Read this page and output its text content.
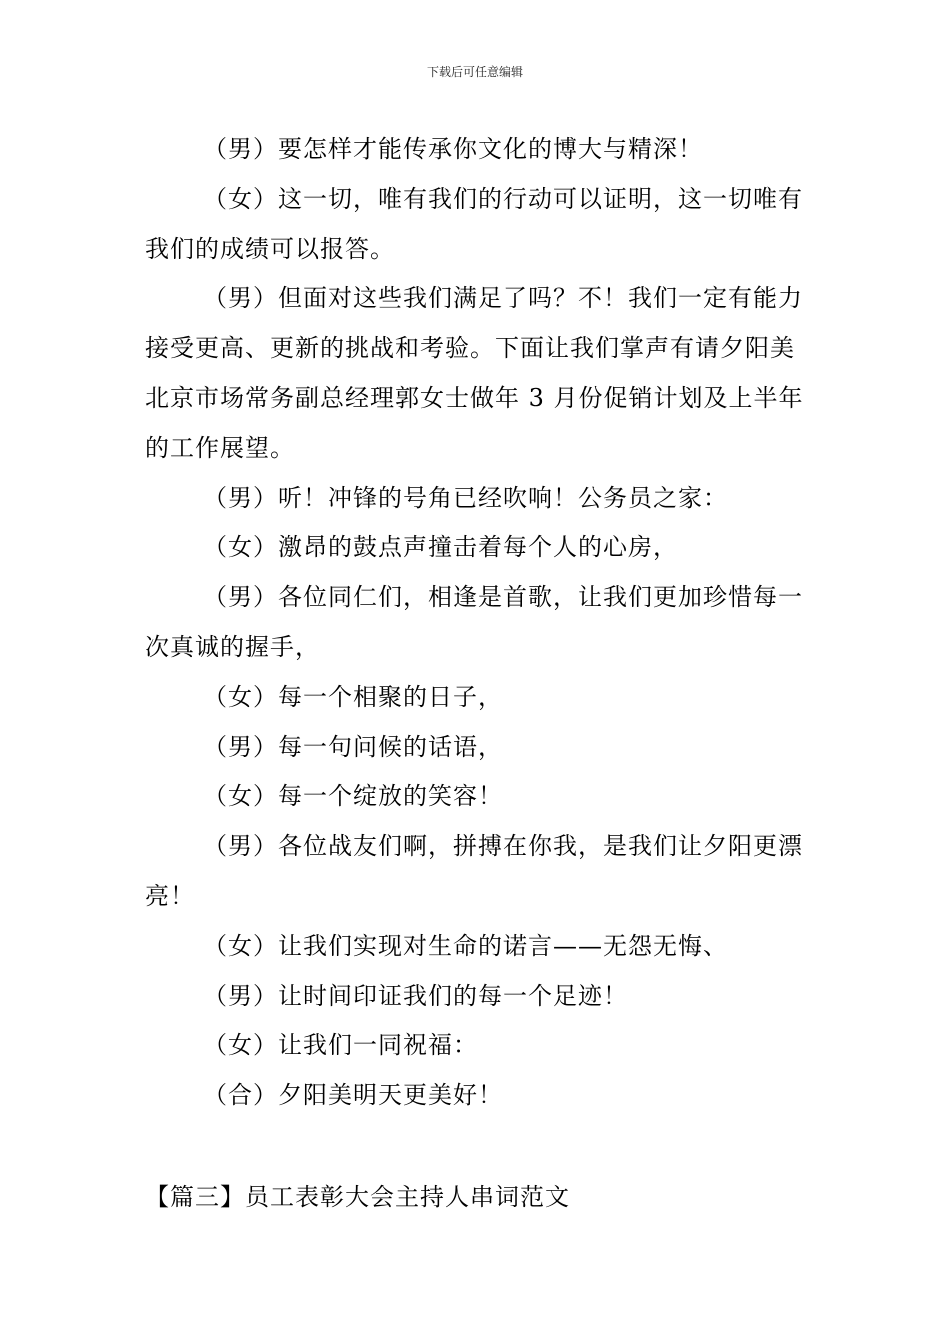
下载后可任意编辑

（男）要怎样才能传承你文化的博大与精深！

（女）这一切，唯有我们的行动可以证明，这一切唯有我们的成绩可以报答。

（男）但面对这些我们满足了吗？不！我们一定有能力接受更高、更新的挑战和考验。下面让我们掌声有请夕阳美北京市场常务副总经理郭女士做年 3 月份促销计划及上半年的工作展望。

（男）听！冲锋的号角已经吹响！公务员之家：

（女）激昂的鼓点声撞击着每个人的心房，

（男）各位同仁们，相逢是首歌，让我们更加珍惜每一次真诚的握手，

（女）每一个相聚的日子，

（男）每一句问候的话语，

（女）每一个绽放的笑容！

（男）各位战友们啊，拼搏在你我，是我们让夕阳更漂亮！

（女）让我们实现对生命的诺言——无怨无悔、

（男）让时间印证我们的每一个足迹！

（女）让我们一同祝福：

（合）夕阳美明天更美好！

【篇三】员工表彰大会主持人串词范文
